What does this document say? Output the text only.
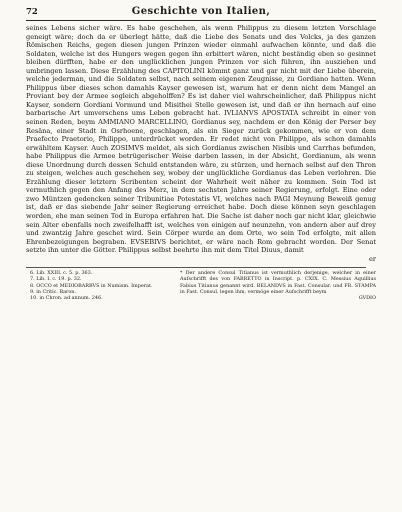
72	Geschichte von Italien,

seines Lebens sicher wäre. Es habe geschehen, als wenn Philippus zu diesem letzten Vorschlage geneigt wäre; doch da er überlegt hätte, daß die Liebe des Senats und des Volcks, ja des ganzen Römischen Reichs, gegen diesen jungen Prinzen wieder einmahl aufwachen könnte, und daß die Soldaten, welche ist des Hungers wegen gegen ihn erbittert wären, nicht beständig eben so gesinnet bleiben dürfften, habe er den unglücklichen jungen Prinzen vor sich führen, ihn ausziehen und umbringen lassen. Diese Erzählung des CAPITOLINI kömmt ganz und gar nicht mit der Liebe überein, welche jederman, und die Soldaten selbst, nach seinem eigenen Zeugnisse, zu Gordiano hatten. Wenn Philippus über dieses schon damahls Kayser gewesen ist, warum hat er denn nicht dem Mangel an Proviant bey der Armee sogleich abgeholffen? Es ist daher viel wahrscheinlicher, daß Philippus nicht Kayser, sondern Gordiani Vormund und Misithei Stelle gewesen ist, und daß er ihn hernach auf eine barbarische Art umverschens ums Leben gebracht hat. IVLIANVS APOSTATA schreibt in einer von seinen Reden, beym AMMIANO MARCELLINO, Gordianus sey, nachdem er den König der Perser bey Resäna, einer Stadt in Osrhoene, geschlagen, als ein Sieger zurück gekommen, wie er von dem Praefecto Praetorio, Philippo, unterdrücket worden. Er redet nicht von Philippo, als schon damahls erwähltem Kayser. Auch ZOSIMVS meldet, als sich Gordianus zwischen Nisibis und Carrhas befunden, habe Philippus die Armee betrügerischer Weise darben lassen, in der Absicht, Gordianum, als wenn diese Unordnung durch dessen Schuld entstanden wäre, zu stürzen, und hernach selbst auf den Thron zu steigen, welches auch geschehen sey, wobey der unglückliche Gordianus das Leben verlohren. Die Erzählung dieser letztern Scribenten scheint der Wahrheit weit näher zu kommen. Sein Tod ist vermuthlich gegen den Anfang des Merz, in dem sechsten Jahre seiner Regierung, erfolgt. Eine oder zwo Müntzen gedencken seiner Tribunitiae Potestatis VI, welches nach PAGI Meynung Beweiß genug ist, daß er das siebende Jahr seiner Regierung erreichet habe. Doch diese können seyn geschlagen worden, ehe man seinen Tod in Europa erfahren hat. Die Sache ist daher noch gar nicht klar, gleichwie sein Alter ebenfalls noch zweifelhafft ist, welches von einigen auf neunzehn, von andern aber auf drey und zwantzig Jahre geschet wird. Sein Cörper wurde an dem Orte, wo sein Tod erfolgte, mit allen Ehrenbezeigungen begraben. EVSEBIVS berichtet, er wäre nach Rom gebracht worden. Der Senat setzte ihn unter die Götter. Philippus selbst beehrte ihn mit dem Titel Diuus, damit

er

6. Lib. XXIII. c. 5. p. 363.

7. Lib. I. c. 19. p. 32.

8. OCCO et MEDIOBARBVS in Numism. Imperat.

9. in Critic. Baron.

10. in Chron. ad annum. 246.

* Der andere Consul Titianus ist vermuthlich derjenige, welcher in einer Aufschrifft des von FABRETTO in Inscript. p. CXIX. C. Messius Aquillius Fabius Titianus genannt wird. BELANDVS in Fast. Consular. und FR. STAMPA in Fast. Consul. legen ihm, vermöge einer Aufschrifft beym

GVDIO
